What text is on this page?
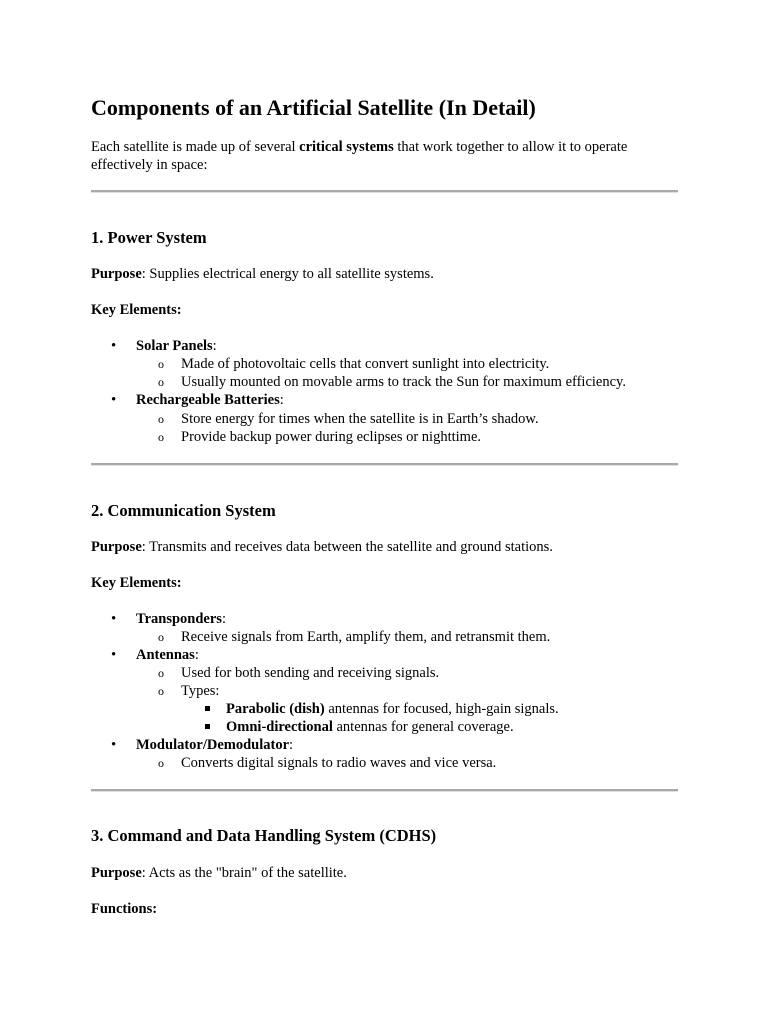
Components of an Artificial Satellite (In Detail)
Each satellite is made up of several critical systems that work together to allow it to operate effectively in space:
1. Power System
Purpose: Supplies electrical energy to all satellite systems.
Key Elements:
• Solar Panels:
o Made of photovoltaic cells that convert sunlight into electricity.
o Usually mounted on movable arms to track the Sun for maximum efficiency.
• Rechargeable Batteries:
o Store energy for times when the satellite is in Earth’s shadow.
o Provide backup power during eclipses or nighttime.
2. Communication System
Purpose: Transmits and receives data between the satellite and ground stations.
Key Elements:
• Transponders:
o Receive signals from Earth, amplify them, and retransmit them.
• Antennas:
o Used for both sending and receiving signals.
o Types:
Parabolic (dish) antennas for focused, high-gain signals.
Omni-directional antennas for general coverage.
• Modulator/Demodulator:
o Converts digital signals to radio waves and vice versa.
3. Command and Data Handling System (CDHS)
Purpose: Acts as the "brain" of the satellite.
Functions:
